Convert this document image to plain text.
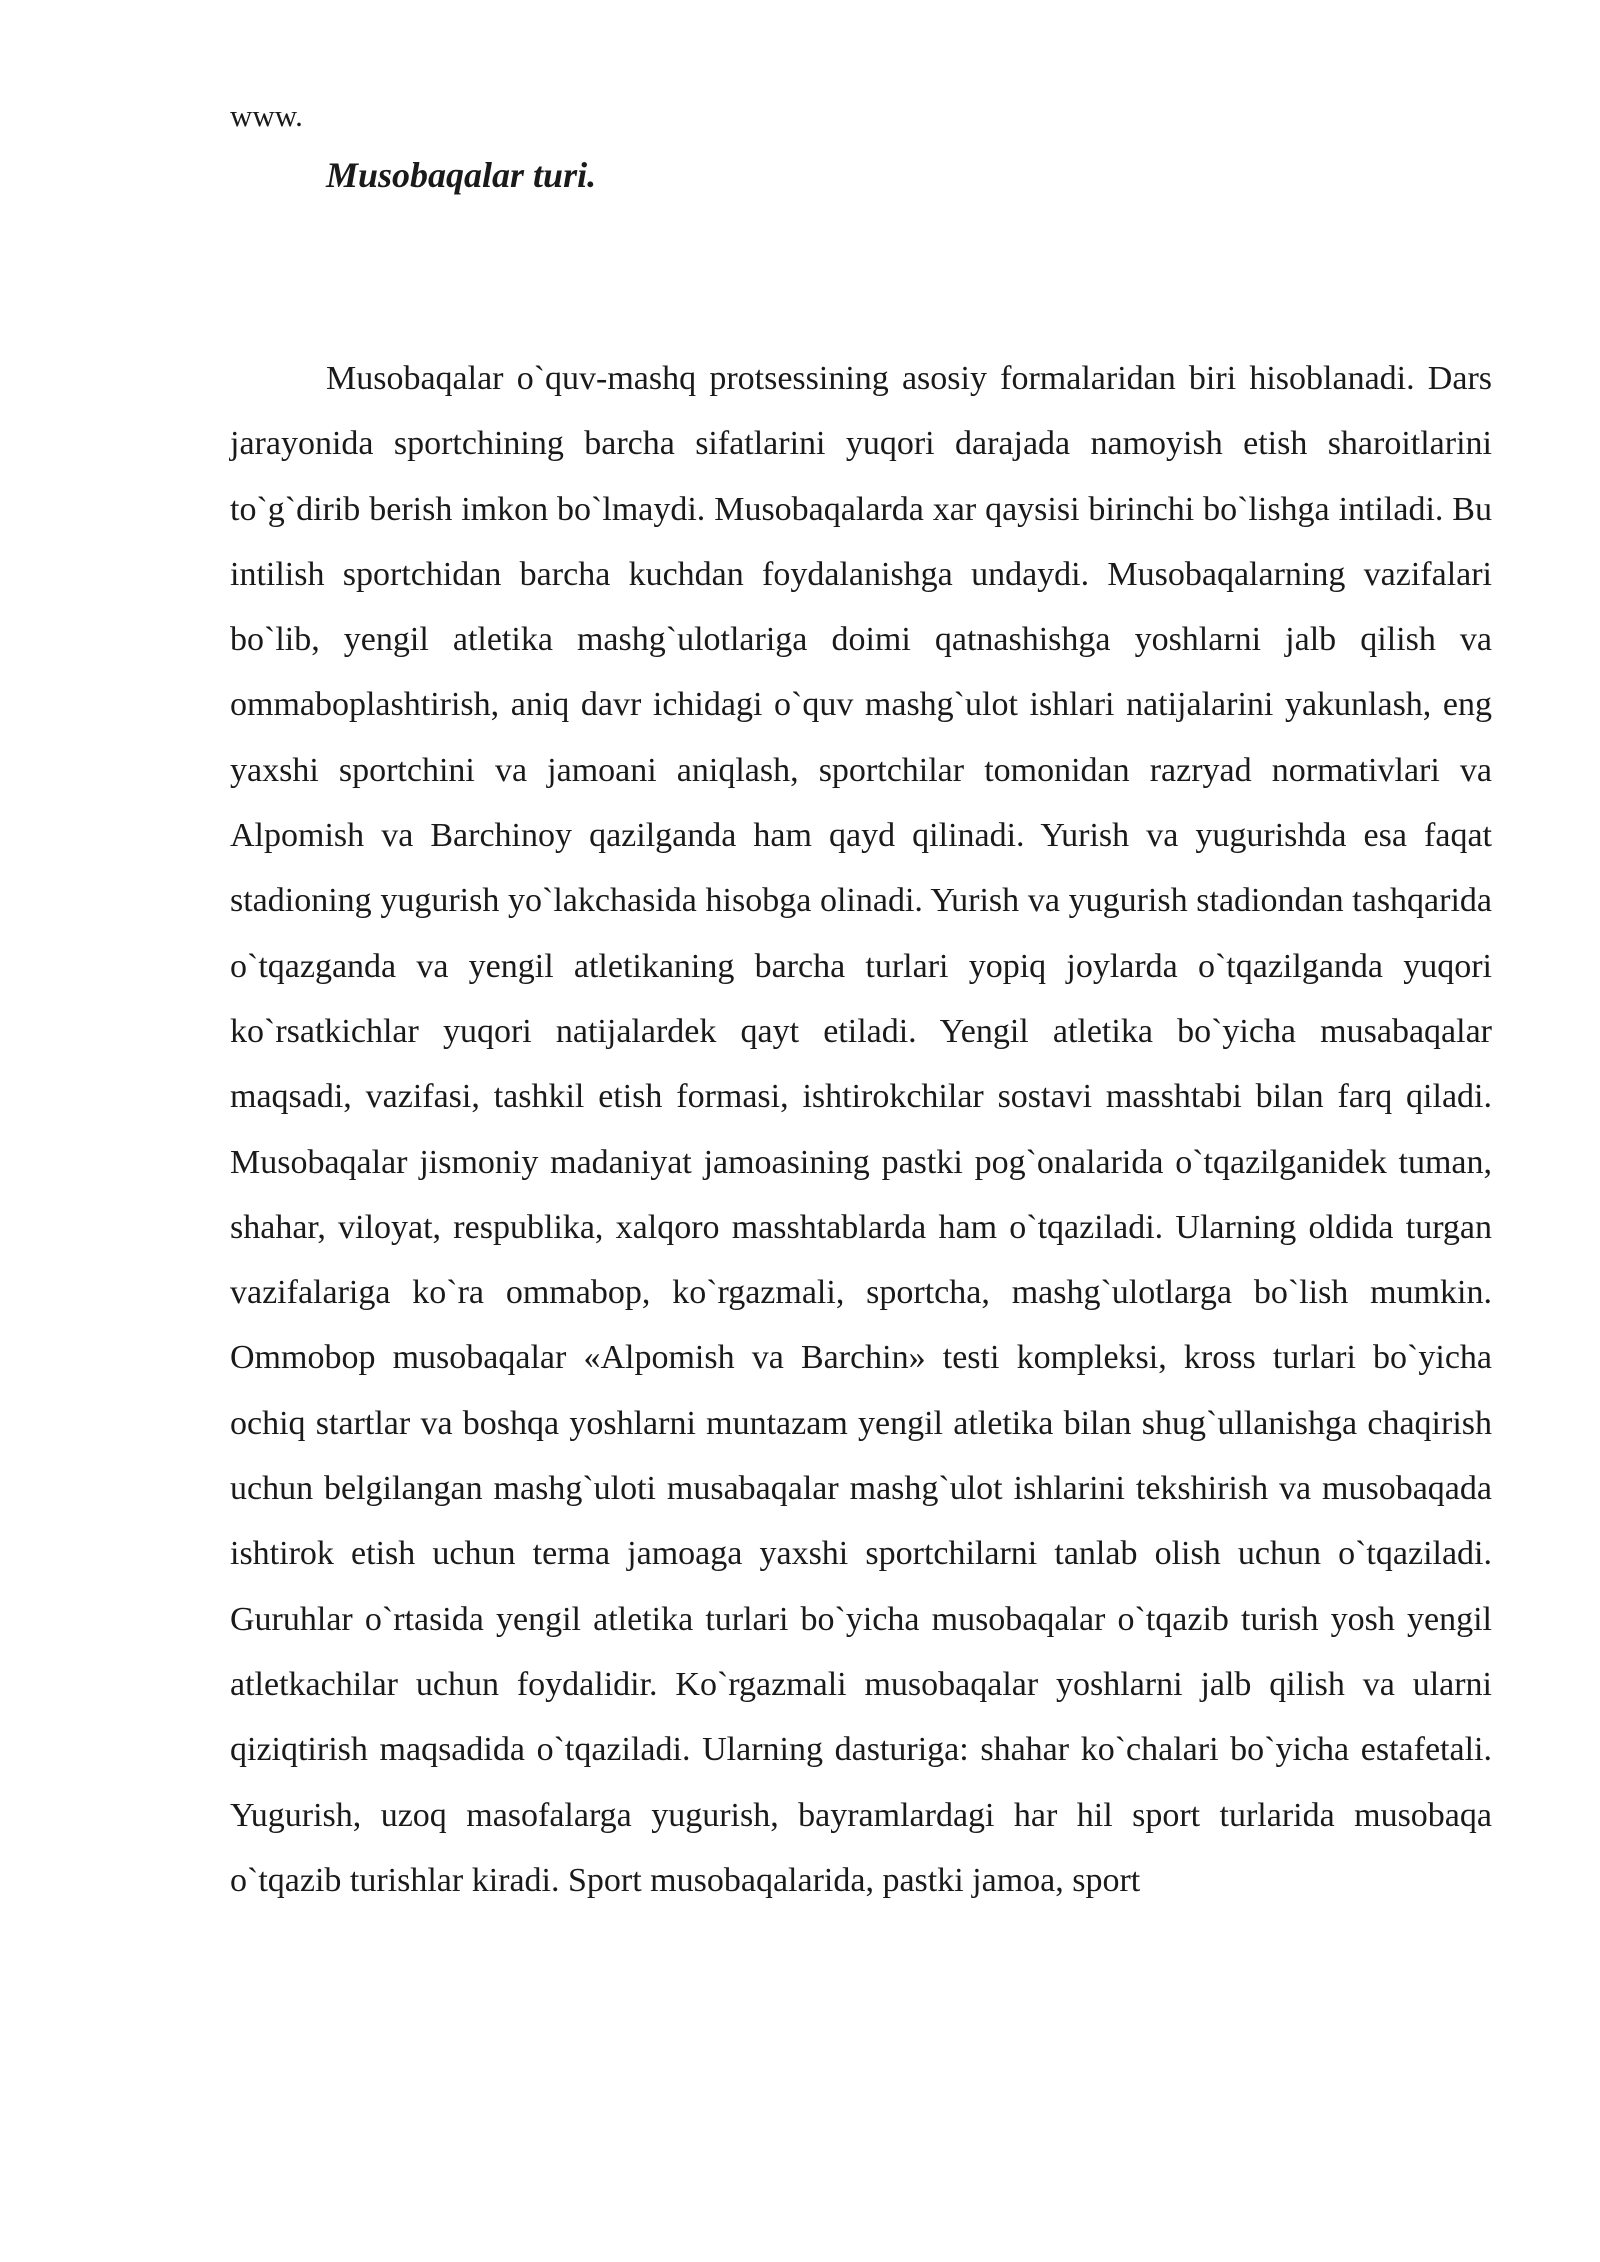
www.
Musobaqalar turi.

Musobaqalar o`quv-mashq protsessining asosiy formalaridan biri hisoblanadi. Dars jarayonida sportchining barcha sifatlarini yuqori darajada namoyish etish sharoitlarini to`g`dirib berish imkon bo`lmaydi. Musobaqalarda xar qaysisi birinchi bo`lishga intiladi. Bu intilish sportchidan barcha kuchdan foydalanishga undaydi. Musobaqalarning vazifalari bo`lib, yengil atletika mashg`ulotlariga doimi qatnashishga yoshlarni jalb qilish va ommaboplashtirish, aniq davr ichidagi o`quv mashg`ulot ishlari natijalarini yakunlash, eng yaxshi sportchini va jamoani aniqlash, sportchilar tomonidan razryad normativlari va Alpomish va Barchinoy qazilganda ham qayd qilinadi. Yurish va yugurishda esa faqat stadioning yugurish yo`lakchasida hisobga olinadi. Yurish va yugurish stadiondan tashqarida o`tqazganda va yengil atletikaning barcha turlari yopiq joylarda o`tqazilganda yuqori ko`rsatkichlar yuqori natijalardek qayt etiladi. Yengil atletika bo`yicha musabaqalar maqsadi, vazifasi, tashkil etish formasi, ishtirokchilar sostavi masshtabi bilan farq qiladi. Musobaqalar jismoniy madaniyat jamoasining pastki pog`onalarida o`tqazilganidek tuman, shahar, viloyat, respublika, xalqoro masshtablarda ham o`tqaziladi. Ularning oldida turgan vazifalariga ko`ra ommabop, ko`rgazmali, sportcha, mashg`ulotlarga bo`lish mumkin. Ommobop musobaqalar «Alpomish va Barchin» testi kompleksi, kross turlari bo`yicha ochiq startlar va boshqa yoshlarni muntazam yengil atletika bilan shug`ullanishga chaqirish uchun belgilangan mashg`uloti musabaqalar mashg`ulot ishlarini tekshirish va musobaqada ishtirok etish uchun terma jamoaga yaxshi sportchilarni tanlab olish uchun o`tqaziladi. Guruhlar o`rtasida yengil atletika turlari bo`yicha musobaqalar o`tqazib turish yosh yengil atletkachilar uchun foydalidir. Ko`rgazmali musobaqalar yoshlarni jalb qilish va ularni qiziqtirish maqsadida o`tqaziladi. Ularning dasturiga: shahar ko`chalari bo`yicha estafetali. Yugurish, uzoq masofalarga yugurish, bayramlardagi har hil sport turlarida musobaqa o`tqazib turishlar kiradi. Sport musobaqalarida, pastki jamoa, sport
